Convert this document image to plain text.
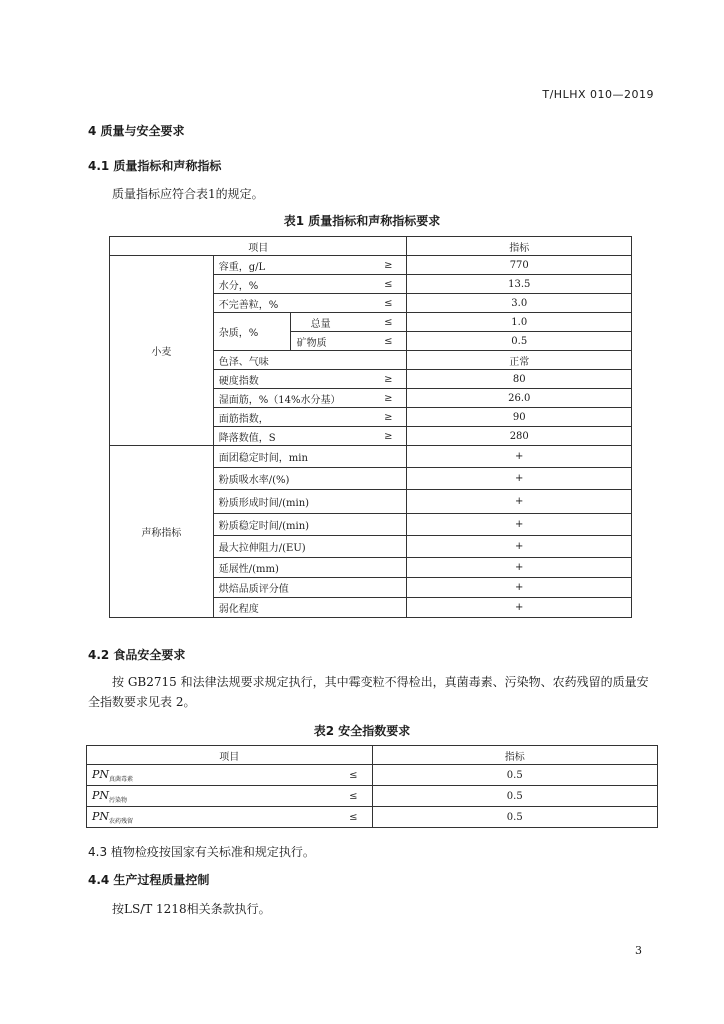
T/HLHX 010—2019
4 质量与安全要求
4.1 质量指标和声称指标
质量指标应符合表1的规定。
表1 质量指标和声称指标要求
项目				指标
小麦	容重，g/L		≥	770
	水分，%		≤	13.5
	不完善粒，%		≤	3.0
	杂质，%	总量	≤	1.0
		矿物质	≤	0.5
	色泽、气味			正常
	硬度指数		≥	80
	湿面筋，%（14%水分基）		≥	26.0
	面筋指数，		≥	90
	降落数值，S		≥	280
声称指标	面团稳定时间，min			+
	粉质吸水率/(%)			+
	粉质形成时间/(min)			+
	粉质稳定时间/(min)			+
	最大拉伸阻力/(EU)			+
	延展性/(mm)			+
	烘焙品质评分值			+
	弱化程度			+
4.2 食品安全要求
按 GB2715 和法律法规要求规定执行，其中霉变粒不得检出，真菌毒素、污染物、农药残留的质量安全指数要求见表 2。
表2 安全指数要求
项目		指标
$PN_{真菌毒素}$	≤	0.5
$PN_{污染物}$	≤	0.5
$PN_{农药残留}$	≤	0.5
4.3 植物检疫按国家有关标准和规定执行。
4.4 生产过程质量控制
按LS/T 1218相关条款执行。
3
